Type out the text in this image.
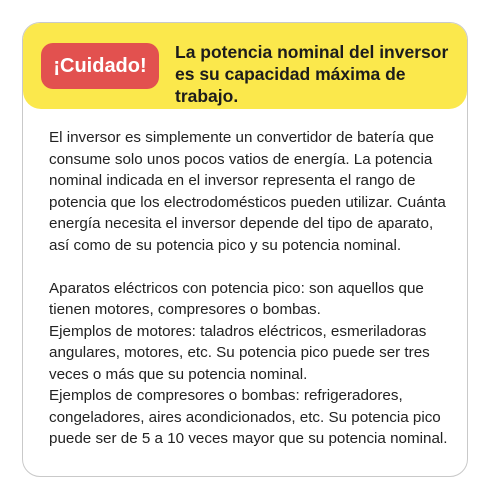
¡Cuidado!
La potencia nominal del inversor es su capacidad máxima de trabajo.

El inversor es simplemente un convertidor de batería que consume solo unos pocos vatios de energía. La potencia nominal indicada en el inversor representa el rango de potencia que los electrodomésticos pueden utilizar. Cuánta energía necesita el inversor depende del tipo de aparato, así como de su potencia pico y su potencia nominal.

Aparatos eléctricos con potencia pico: son aquellos que tienen motores, compresores o bombas.

Ejemplos de motores: taladros eléctricos, esmeriladoras angulares, motores, etc. Su potencia pico puede ser tres veces o más que su potencia nominal.

Ejemplos de compresores o bombas: refrigeradores, congeladores, aires acondicionados, etc. Su potencia pico puede ser de 5 a 10 veces mayor que su potencia nominal.
